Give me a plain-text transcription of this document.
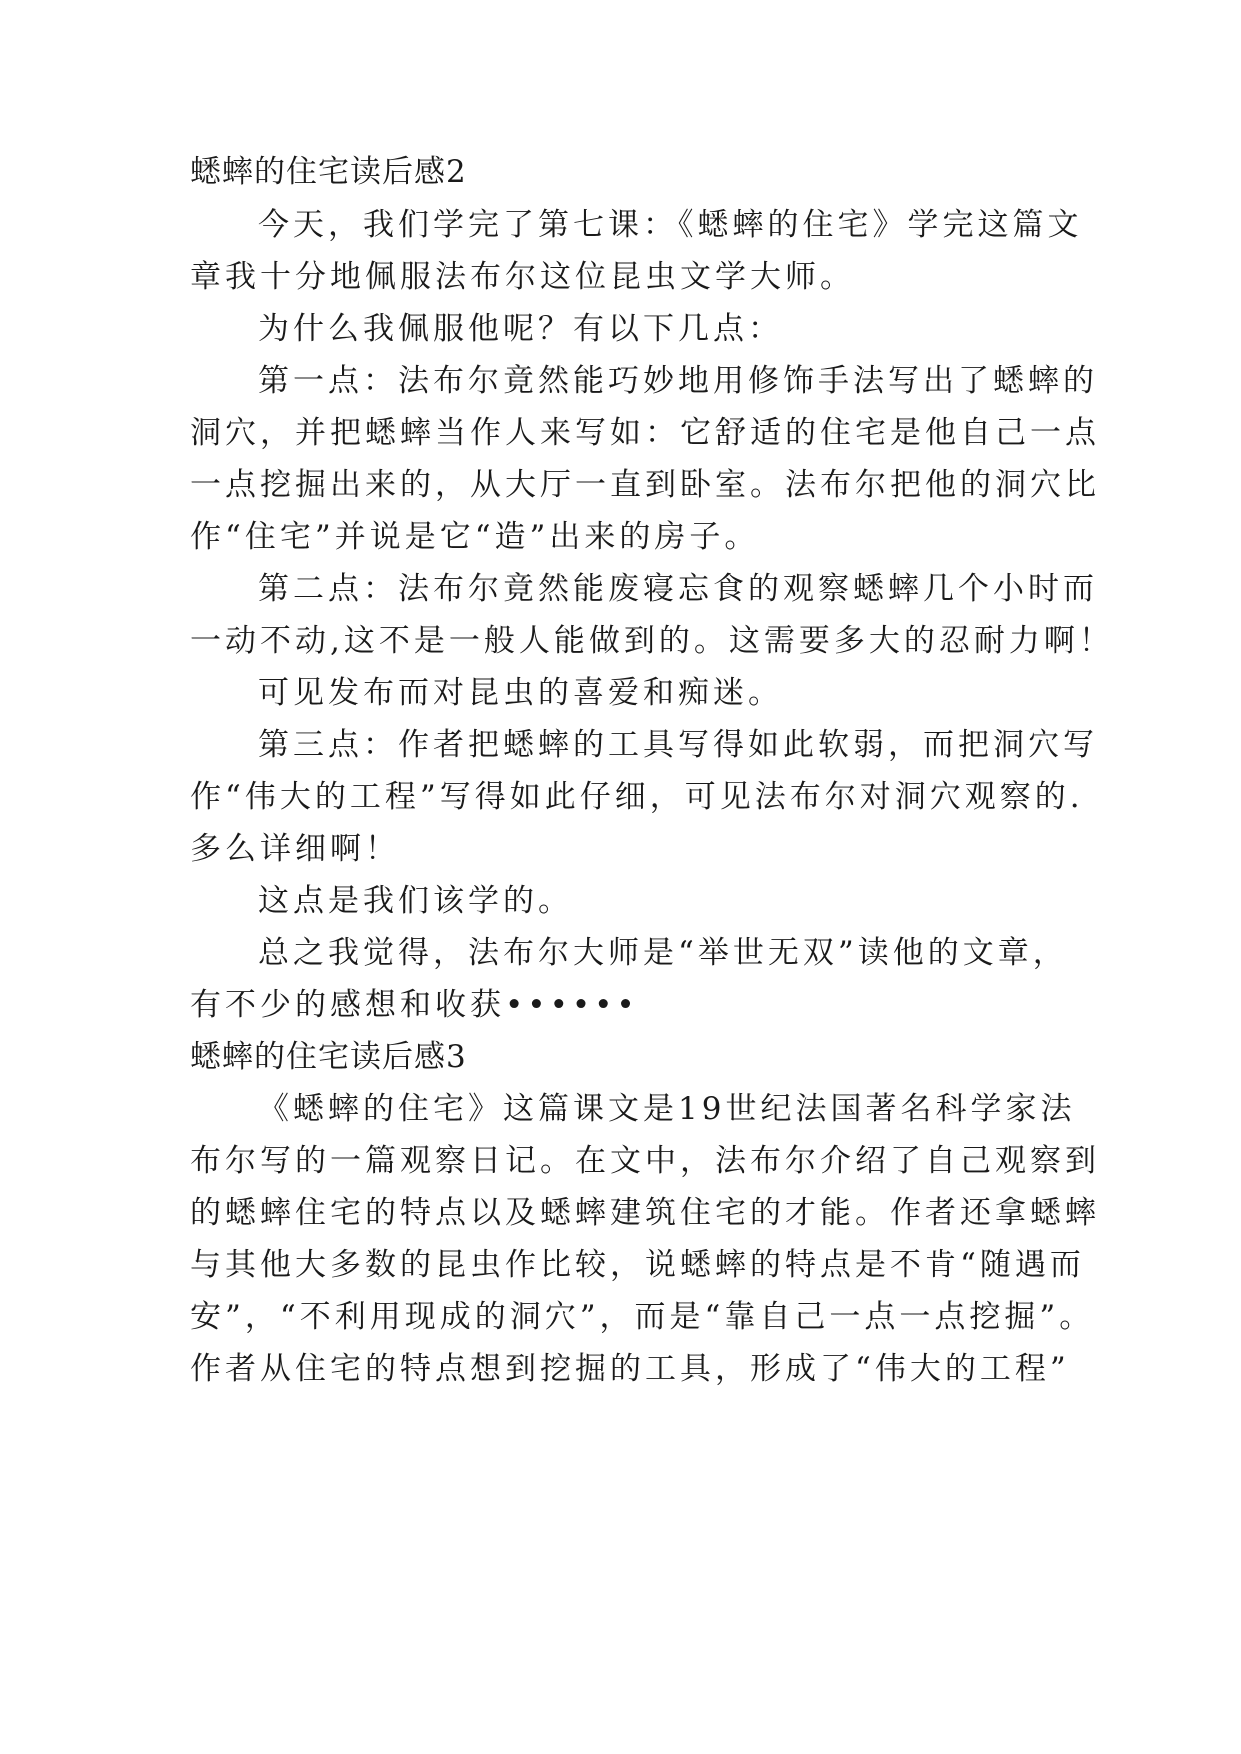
蟋蟀的住宅读后感2
今天，我们学完了第七课：《蟋蟀的住宅》学完这篇文
章我十分地佩服法布尔这位昆虫文学大师。
为什么我佩服他呢？有以下几点：
第一点：法布尔竟然能巧妙地用修饰手法写出了蟋蟀的
洞穴，并把蟋蟀当作人来写如：它舒适的住宅是他自己一点
一点挖掘出来的，从大厅一直到卧室。法布尔把他的洞穴比
作“住宅”并说是它“造”出来的房子。
第二点：法布尔竟然能废寝忘食的观察蟋蟀几个小时而
一动不动,这不是一般人能做到的。这需要多大的忍耐力啊！
可见发布而对昆虫的喜爱和痴迷。
第三点：作者把蟋蟀的工具写得如此软弱，而把洞穴写
作“伟大的工程”写得如此仔细，可见法布尔对洞穴观察的.
多么详细啊！
这点是我们该学的。
总之我觉得，法布尔大师是“举世无双”读他的文章，
有不少的感想和收获••••••
蟋蟀的住宅读后感3
《蟋蟀的住宅》这篇课文是19世纪法国著名科学家法
布尔写的一篇观察日记。在文中，法布尔介绍了自己观察到
的蟋蟀住宅的特点以及蟋蟀建筑住宅的才能。作者还拿蟋蟀
与其他大多数的昆虫作比较，说蟋蟀的特点是不肯“随遇而
安”，“不利用现成的洞穴”，而是“靠自己一点一点挖掘”。
作者从住宅的特点想到挖掘的工具，形成了“伟大的工程”
